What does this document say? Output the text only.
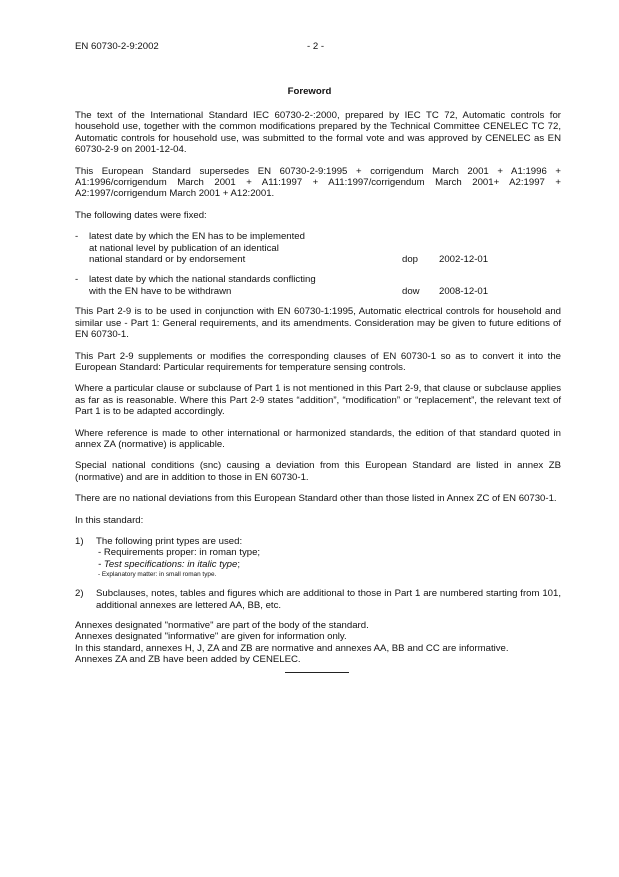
EN 60730-2-9:2002	- 2 -
Foreword

The text of the International Standard IEC 60730-2-:2000, prepared by IEC TC 72, Automatic controls for household use, together with the common modifications prepared by the Technical Committee CENELEC TC 72, Automatic controls for household use, was submitted to the formal vote and was approved by CENELEC as EN 60730-2-9 on 2001-12-04.

This European Standard supersedes EN 60730-2-9:1995 + corrigendum March 2001 + A1:1996 + A1:1996/corrigendum March 2001 + A11:1997 + A11:1997/corrigendum March 2001+ A2:1997 + A2:1997/corrigendum March 2001 + A12:2001.

The following dates were fixed:

-	latest date by which the EN has to be implemented
at national level by publication of an identical
national standard or by endorsement	dop	2002-12-01
-	latest date by which the national standards conflicting
with the EN have to be withdrawn	dow	2008-12-01

This Part 2-9 is to be used in conjunction with EN 60730-1:1995, Automatic electrical controls for household and similar use - Part 1: General requirements, and its amendments. Consideration may be given to future editions of EN 60730-1.

This Part 2-9 supplements or modifies the corresponding clauses of EN 60730-1 so as to convert it into the European Standard: Particular requirements for temperature sensing controls.

Where a particular clause or subclause of Part 1 is not mentioned in this Part 2-9, that clause or subclause applies as far as is reasonable. Where this Part 2-9 states “addition”, “modification” or “replacement”, the relevant text of Part 1 is to be adapted accordingly.

Where reference is made to other international or harmonized standards, the edition of that standard quoted in annex ZA (normative) is applicable.

Special national conditions (snc) causing a deviation from this European Standard are listed in annex ZB (normative) and are in addition to those in EN 60730-1.

There are no national deviations from this European Standard other than those listed in Annex ZC of EN 60730-1.

In this standard:

1)	The following print types are used:
- Requirements proper: in roman type;
- Test specifications: in italic type;
- Explanatory matter: in small roman type.
2)	Subclauses, notes, tables and figures which are additional to those in Part 1 are numbered starting from 101, additional annexes are lettered AA, BB, etc.
Annexes designated "normative" are part of the body of the standard.
Annexes designated "informative" are given for information only.
In this standard, annexes H, J, ZA and ZB are normative and annexes AA, BB and CC are informative.
Annexes ZA and ZB have been added by CENELEC.
